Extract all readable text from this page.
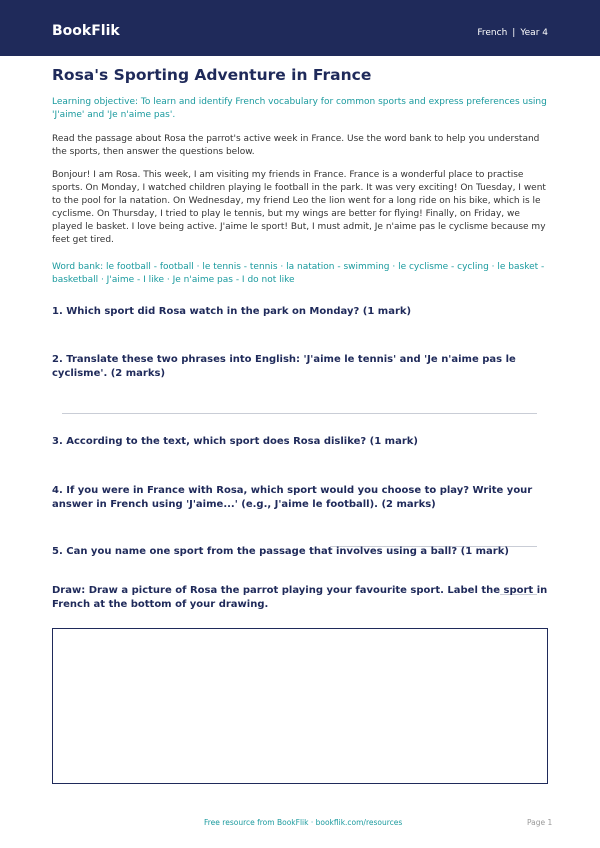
BookFlik	French | Year 4
Rosa's Sporting Adventure in France
Learning objective: To learn and identify French vocabulary for common sports and express preferences using 'J'aime' and 'Je n'aime pas'.
Read the passage about Rosa the parrot's active week in France. Use the word bank to help you understand the sports, then answer the questions below.
Bonjour! I am Rosa. This week, I am visiting my friends in France. France is a wonderful place to practise sports. On Monday, I watched children playing le football in the park. It was very exciting! On Tuesday, I went to the pool for la natation. On Wednesday, my friend Leo the lion went for a long ride on his bike, which is le cyclisme. On Thursday, I tried to play le tennis, but my wings are better for flying! Finally, on Friday, we played le basket. I love being active. J'aime le sport! But, I must admit, Je n'aime pas le cyclisme because my feet get tired.
Word bank: le football - football · le tennis - tennis · la natation - swimming · le cyclisme - cycling · le basket - basketball · J'aime - I like · Je n'aime pas - I do not like
1. Which sport did Rosa watch in the park on Monday? (1 mark)
2. Translate these two phrases into English: 'J'aime le tennis' and 'Je n'aime pas le cyclisme'. (2 marks)
3. According to the text, which sport does Rosa dislike? (1 mark)
4. If you were in France with Rosa, which sport would you choose to play? Write your answer in French using 'J'aime...' (e.g., J'aime le football). (2 marks)
5. Can you name one sport from the passage that involves using a ball? (1 mark)
Draw: Draw a picture of Rosa the parrot playing your favourite sport. Label the sport in French at the bottom of your drawing.
Free resource from BookFlik · bookflik.com/resources	Page 1
